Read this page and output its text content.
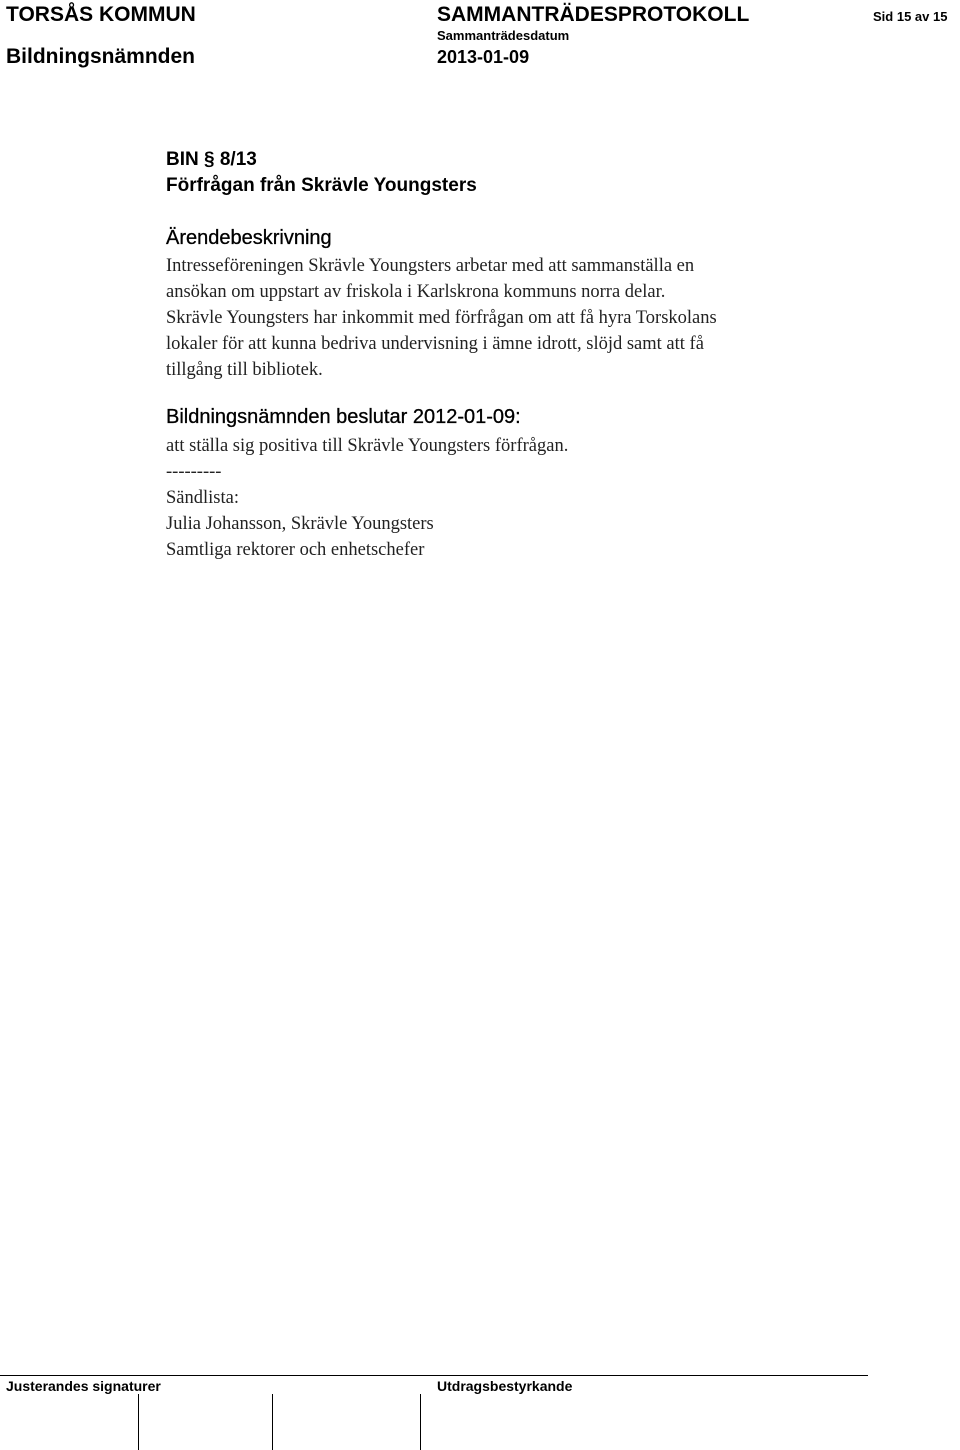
TORSÅS KOMMUN
Bildningsnämnden
SAMMANTRÄDESPROTOKOLL
Sammanträdesdatum
2013-01-09
Sid 15 av 15
BIN § 8/13
Förfrågan från Skrävle Youngsters
Ärendebeskrivning
Intresseföreningen Skrävle Youngsters arbetar med att sammanställa en
ansökan om uppstart av friskola i Karlskrona kommuns norra delar.
Skrävle Youngsters har inkommit med förfrågan om att få hyra Torskolans
lokaler för att kunna bedriva undervisning i ämne idrott, slöjd samt att få
tillgång till bibliotek.
Bildningsnämnden beslutar 2012-01-09:
att ställa sig positiva till Skrävle Youngsters förfrågan.
---------
Sändlista:
Julia Johansson, Skrävle Youngsters
Samtliga rektorer och enhetschefer
Justerandes signaturer	Utdragsbestyrkande
